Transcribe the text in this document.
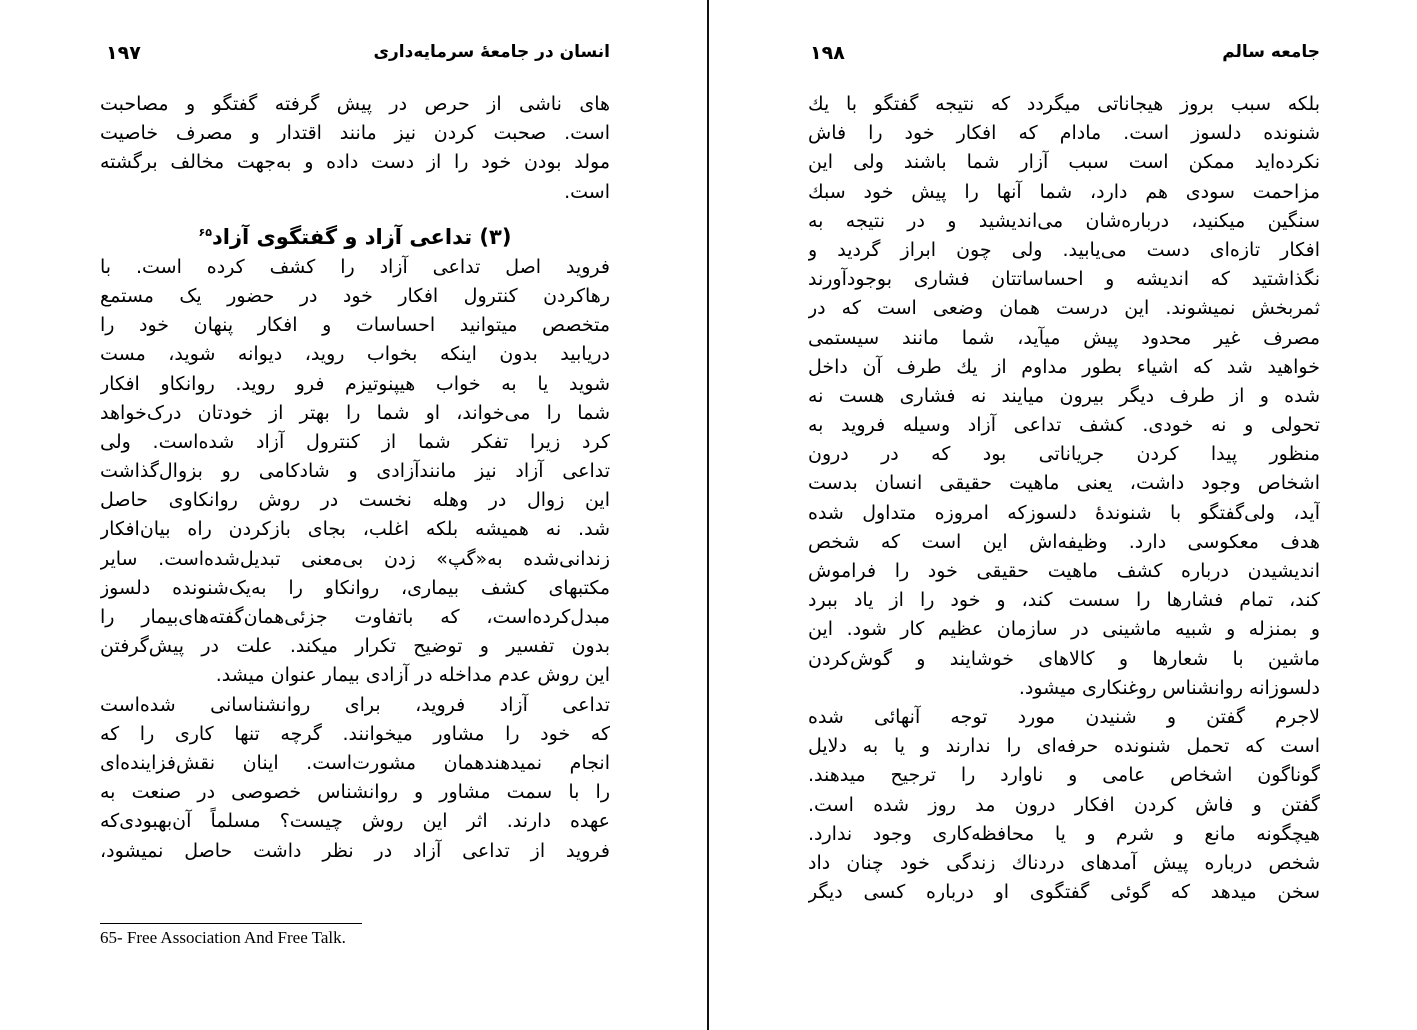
انسان در جامعهٔ سرمایه‌داری
۱۹۷
های ناشی از حرص در پیش گرفته گفتگو و مصاحبت
است. صحبت کردن نیز مانند اقتدار و مصرف خاصیت
مولد بودن خود را از دست داده و به‌جهت مخالف برگشته
است.
(۳) تداعی آزاد و گفتگوی آزاد$^{۶۵}$
فروید اصل تداعی آزاد را کشف کرده است. با
رهاکردن کنترول افکار خود در حضور یک مستمع
متخصص میتوانید احساسات و افکار پنهان خود را
دریابید بدون اینکه بخواب روید، دیوانه شوید، مست
شوید یا به خواب هیپنوتیزم فرو روید. روانکاو افکار
شما را می‌خواند، او شما را بهتر از خودتان درک‌خواهد
کرد زیرا تفکر شما از کنترول آزاد شده‌است. ولی
تداعی آزاد نیز مانندآزادی و شادکامی رو بزوال‌گذاشت
این زوال در وهله نخست در روش روانکاوی حاصل
شد. نه همیشه بلکه اغلب، بجای بازکردن راه بیان‌افکار
زندانی‌شده به«گپ» زدن بی‌معنی تبدیل‌شده‌است. سایر
مکتبهای کشف بیماری، روانکاو را به‌یک‌شنونده دلسوز
مبدل‌کرده‌است، که باتفاوت جزئی‌همان‌گفته‌های‌بیمار را
بدون تفسیر و توضیح تکرار میکند. علت در پیش‌گرفتن
این روش عدم مداخله در آزادی بیمار عنوان میشد.
تداعی آزاد فروید، برای روانشناسانی شده‌است
که خود را مشاور میخوانند. گرچه تنها کاری را که
انجام نمیدهندهمان مشورت‌است. اینان نقش‌فزاینده‌ای
را با سمت مشاور و روانشناس خصوصی در صنعت به
عهده دارند. اثر این روش چیست؟ مسلماً آن‌بهبودی‌که
فروید از تداعی آزاد در نظر داشت حاصل نمیشود،
65- Free Association And Free Talk.
جامعه سالم
۱۹۸
بلکه سبب بروز هیجاناتی میگردد که نتیجه گفتگو با یك
شنونده دلسوز است. مادام که افکار خود را فاش
نکرده‌اید ممکن است سبب آزار شما باشند ولی این
مزاحمت سودی هم دارد، شما آنها را پیش خود سبك
سنگین میکنید، درباره‌شان می‌اندیشید و در نتیجه به
افکار تازه‌ای دست می‌یابید. ولی چون ابراز گردید و
نگذاشتید که اندیشه و احساساتتان فشاری بوجودآورند
ثمربخش نمیشوند. این درست همان وضعی است که در
مصرف غیر محدود پیش میآید، شما مانند سیستمی
خواهید شد که اشیاء بطور مداوم از یك طرف آن داخل
شده و از طرف دیگر بیرون میایند نه فشاری هست نه
تحولی و نه خودی. کشف تداعی آزاد وسیله فروید به
منظور پیدا کردن جریاناتی بود که در درون
اشخاص وجود داشت، یعنی ماهیت حقیقی انسان بدست
آید، ولی‌گفتگو با شنوندهٔ دلسوزکه امروزه متداول شده
هدف معکوسی دارد. وظیفه‌اش این است که شخص
اندیشیدن درباره کشف ماهیت حقیقی خود را فراموش
کند، تمام فشارها را سست کند، و خود را از یاد ببرد
و بمنزله و شبیه ماشینی در سازمان عظیم کار شود. این
ماشین با شعارها و کالاهای خوشایند و گوش‌کردن
دلسوزانه روانشناس روغنکاری میشود.
لاجرم گفتن و شنیدن مورد توجه آنهائی شده
است که تحمل شنونده حرفه‌ای را ندارند و یا به دلایل
گوناگون اشخاص عامی و ناوارد را ترجیح میدهند.
گفتن و فاش کردن افکار درون مد روز شده است.
هیچگونه مانع و شرم و یا محافظه‌کاری وجود ندارد.
شخص درباره پیش آمدهای دردناك زندگی خود چنان داد
سخن میدهد که گوئی گفتگوی او درباره کسی دیگر
